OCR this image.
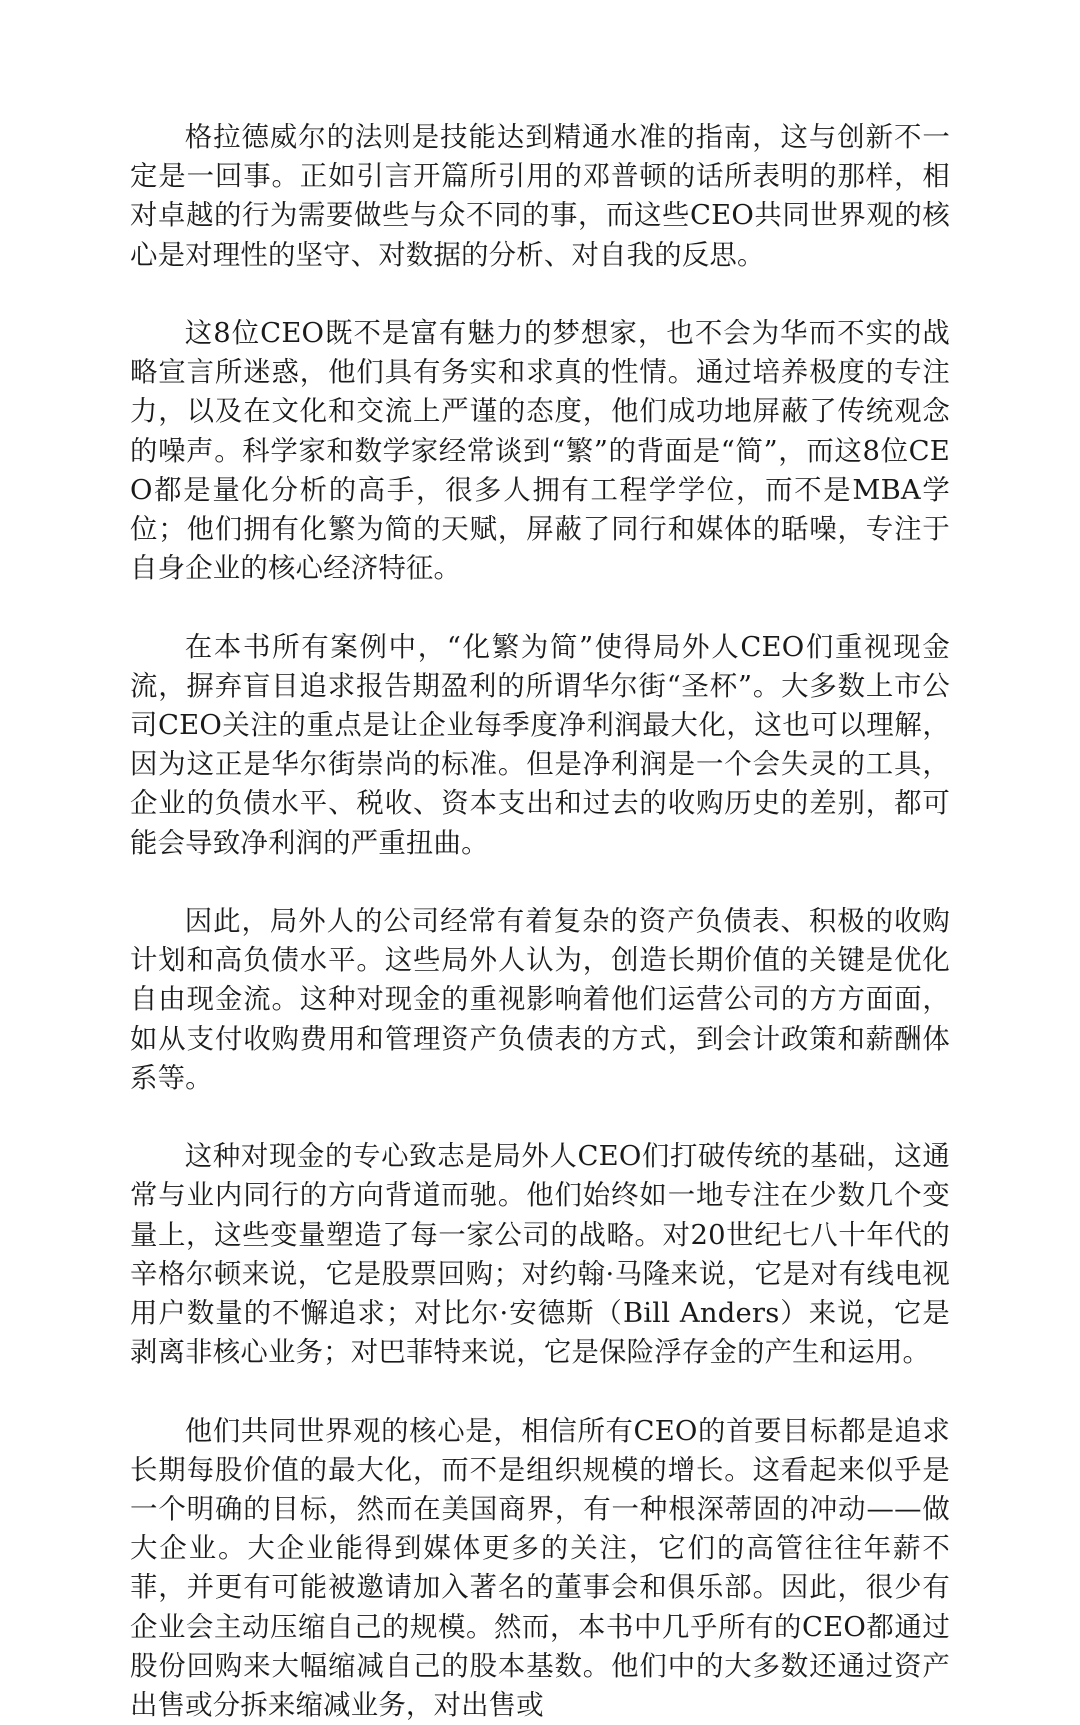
格拉德威尔的法则是技能达到精通水准的指南，这与创新不一定是一回事。正如引言开篇所引用的邓普顿的话所表明的那样，相对卓越的行为需要做些与众不同的事，而这些CEO共同世界观的核心是对理性的坚守、对数据的分析、对自我的反思。

这8位CEO既不是富有魅力的梦想家，也不会为华而不实的战略宣言所迷惑，他们具有务实和求真的性情。通过培养极度的专注力，以及在文化和交流上严谨的态度，他们成功地屏蔽了传统观念的噪声。科学家和数学家经常谈到“繁”的背面是“简”，而这8位CEO都是量化分析的高手，很多人拥有工程学学位，而不是MBA学位；他们拥有化繁为简的天赋，屏蔽了同行和媒体的聒噪，专注于自身企业的核心经济特征。

在本书所有案例中，“化繁为简”使得局外人CEO们重视现金流，摒弃盲目追求报告期盈利的所谓华尔街“圣杯”。大多数上市公司CEO关注的重点是让企业每季度净利润最大化，这也可以理解，因为这正是华尔街崇尚的标准。但是净利润是一个会失灵的工具，企业的负债水平、税收、资本支出和过去的收购历史的差别，都可能会导致净利润的严重扭曲。

因此，局外人的公司经常有着复杂的资产负债表、积极的收购计划和高负债水平。这些局外人认为，创造长期价值的关键是优化自由现金流。这种对现金的重视影响着他们运营公司的方方面面，如从支付收购费用和管理资产负债表的方式，到会计政策和薪酬体系等。

这种对现金的专心致志是局外人CEO们打破传统的基础，这通常与业内同行的方向背道而驰。他们始终如一地专注在少数几个变量上，这些变量塑造了每一家公司的战略。对20世纪七八十年代的辛格尔顿来说，它是股票回购；对约翰·马隆来说，它是对有线电视用户数量的不懈追求；对比尔·安德斯（Bill Anders）来说，它是剥离非核心业务；对巴菲特来说，它是保险浮存金的产生和运用。

他们共同世界观的核心是，相信所有CEO的首要目标都是追求长期每股价值的最大化，而不是组织规模的增长。这看起来似乎是一个明确的目标，然而在美国商界，有一种根深蒂固的冲动——做大企业。大企业能得到媒体更多的关注，它们的高管往往年薪不菲，并更有可能被邀请加入著名的董事会和俱乐部。因此，很少有企业会主动压缩自己的规模。然而，本书中几乎所有的CEO都通过股份回购来大幅缩减自己的股本基数。他们中的大多数还通过资产出售或分拆来缩减业务，对出售或
